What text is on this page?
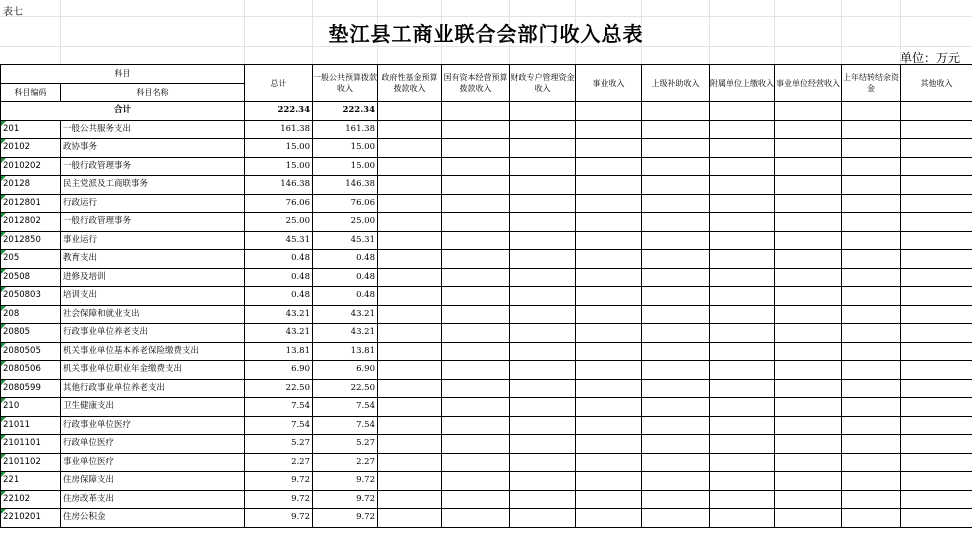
表七
垫江县工商业联合会部门收入总表
单位：万元
科目		总计	一般公共预算拨款收入	政府性基金预算拨款收入	国有资本经营预算拨款收入	财政专户管理资金收入	事业收入	上级补助收入	附属单位上缴收入	事业单位经营收入	上年结转结余资金	其他收入
科目编码	科目名称											
合计		222.34	222.34									

201	一般公共服务支出	161.38	161.38									

20102	政协事务	15.00	15.00									

2010202	一般行政管理事务	15.00	15.00									

20128	民主党派及工商联事务	146.38	146.38									

2012801	行政运行	76.06	76.06									

2012802	一般行政管理事务	25.00	25.00									

2012850	事业运行	45.31	45.31									

205	教育支出	0.48	0.48									

20508	进修及培训	0.48	0.48									

2050803	培训支出	0.48	0.48									

208	社会保障和就业支出	43.21	43.21									

20805	行政事业单位养老支出	43.21	43.21									

2080505	机关事业单位基本养老保险缴费支出	13.81	13.81									

2080506	机关事业单位职业年金缴费支出	6.90	6.90									

2080599	其他行政事业单位养老支出	22.50	22.50									

210	卫生健康支出	7.54	7.54									

21011	行政事业单位医疗	7.54	7.54									

2101101	行政单位医疗	5.27	5.27									

2101102	事业单位医疗	2.27	2.27									

221	住房保障支出	9.72	9.72									

22102	住房改革支出	9.72	9.72									

2210201	住房公积金	9.72	9.72									
